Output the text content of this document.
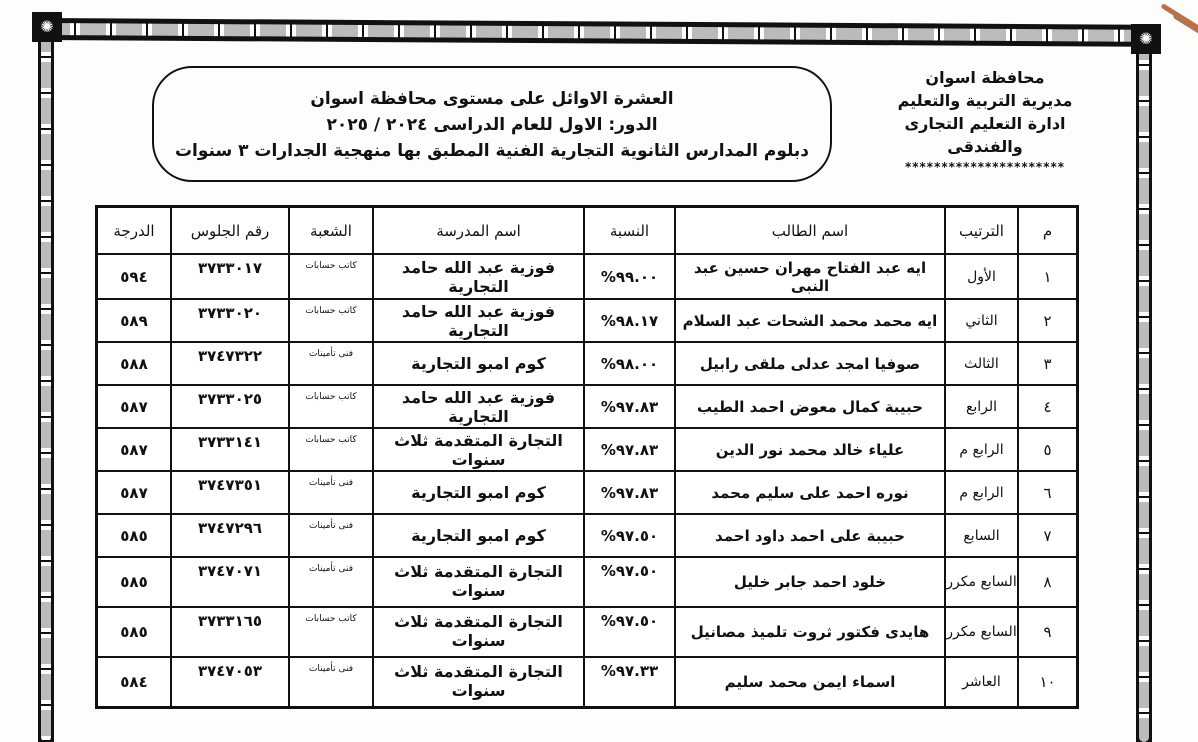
✺
✺
محافظة اسوان
مديرية التربية والتعليم
ادارة التعليم التجارى والفندقى
**********************
العشرة الاوائل على مستوى محافظة اسوان
الدور: الاول للعام الدراسى ٢٠٢٤ / ٢٠٢٥
دبلوم المدارس الثانوية التجارية الفنية المطبق بها منهجية الجدارات ٣ سنوات
م	الترتيب	اسم الطالب	النسبة	اسم المدرسة	الشعبة	رقم الجلوس	الدرجة
١	الأول	ايه عبد الفتاح مهران حسين عبد النبى	%٩٩.٠٠	فوزية عبد الله حامد التجارية	كاتب حسابات	٣٧٣٣٠١٧	٥٩٤
٢	الثاني	ايه محمد محمد الشحات عبد السلام	%٩٨.١٧	فوزية عبد الله حامد التجارية	كاتب حسابات	٣٧٣٣٠٢٠	٥٨٩
٣	الثالث	صوفيا امجد عدلى ملقى رابيل	%٩٨.٠٠	كوم امبو التجارية	فنى تأمينات	٣٧٤٧٣٢٢	٥٨٨
٤	الرابع	حبيبة كمال معوض احمد الطيب	%٩٧.٨٣	فوزية عبد الله حامد التجارية	كاتب حسابات	٣٧٣٣٠٢٥	٥٨٧
٥	الرابع م	علياء خالد محمد نور الدين	%٩٧.٨٣	التجارة المتقدمة ثلاث سنوات	كاتب حسابات	٣٧٣٣١٤١	٥٨٧
٦	الرابع م	نوره احمد على سليم محمد	%٩٧.٨٣	كوم امبو التجارية	فنى تأمينات	٣٧٤٧٣٥١	٥٨٧
٧	السابع	حبيبة على احمد داود احمد	%٩٧.٥٠	كوم امبو التجارية	فنى تأمينات	٣٧٤٧٢٩٦	٥٨٥
٨	السابع مكرر	خلود احمد جابر خليل	%٩٧.٥٠	التجارة المتقدمة ثلاث سنوات	فنى تأمينات	٣٧٤٧٠٧١	٥٨٥
٩	السابع مكرر	هايدى فكتور ثروت تلميذ مصانيل	%٩٧.٥٠	التجارة المتقدمة ثلاث سنوات	كاتب حسابات	٣٧٣٣١٦٥	٥٨٥
١٠	العاشر	اسماء ايمن محمد سليم	%٩٧.٣٣	التجارة المتقدمة ثلاث سنوات	فنى تأمينات	٣٧٤٧٠٥٣	٥٨٤
